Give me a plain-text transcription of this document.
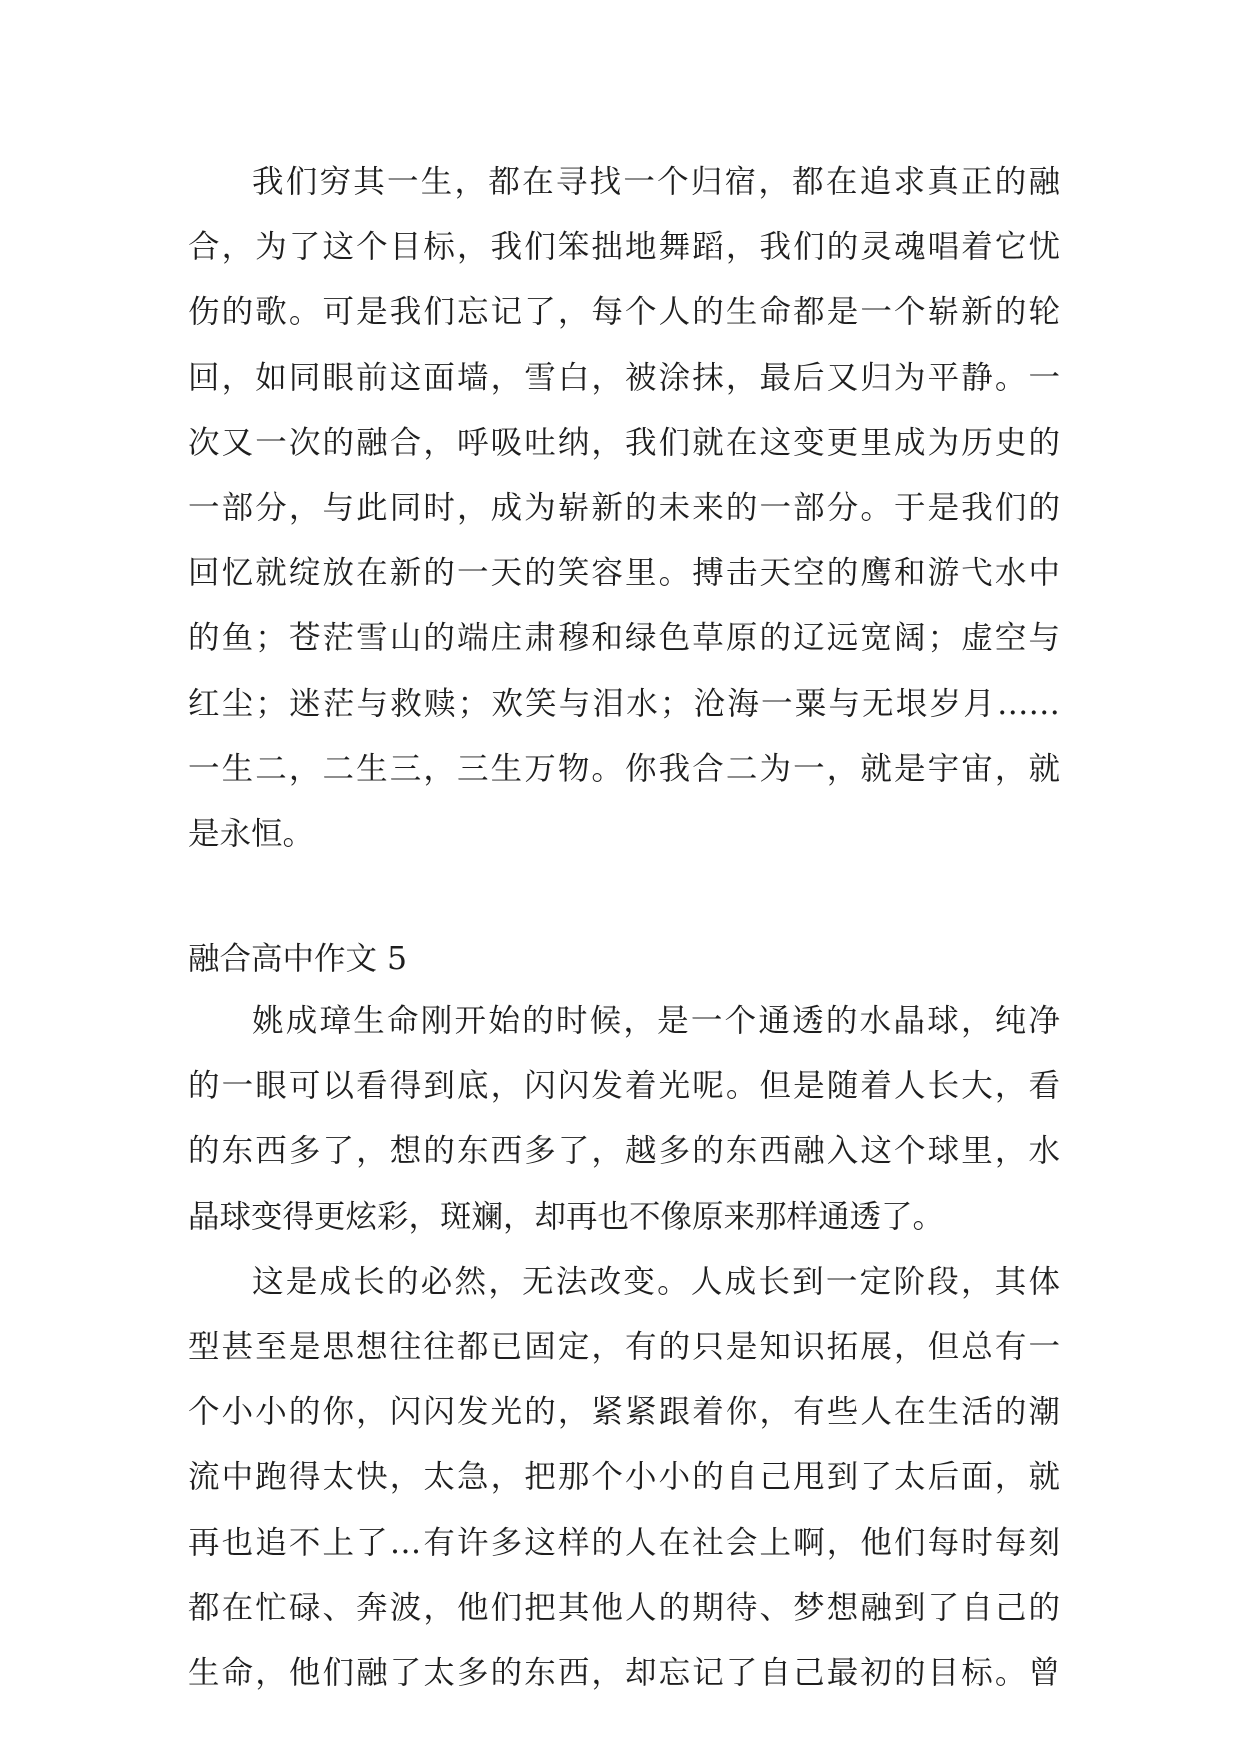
我们穷其一生，都在寻找一个归宿，都在追求真正的融
合，为了这个目标，我们笨拙地舞蹈，我们的灵魂唱着它忧
伤的歌。可是我们忘记了，每个人的生命都是一个崭新的轮
回，如同眼前这面墙，雪白，被涂抹，最后又归为平静。一
次又一次的融合，呼吸吐纳，我们就在这变更里成为历史的
一部分，与此同时，成为崭新的未来的一部分。于是我们的
回忆就绽放在新的一天的笑容里。搏击天空的鹰和游弋水中
的鱼；苍茫雪山的端庄肃穆和绿色草原的辽远宽阔；虚空与
红尘；迷茫与救赎；欢笑与泪水；沧海一粟与无垠岁月……
一生二，二生三，三生万物。你我合二为一，就是宇宙，就
是永恒。
融合高中作文 5
姚成璋生命刚开始的时候，是一个通透的水晶球，纯净
的一眼可以看得到底，闪闪发着光呢。但是随着人长大，看
的东西多了，想的东西多了，越多的东西融入这个球里，水
晶球变得更炫彩，斑斓，却再也不像原来那样通透了。
这是成长的必然，无法改变。人成长到一定阶段，其体
型甚至是思想往往都已固定，有的只是知识拓展，但总有一
个小小的你，闪闪发光的，紧紧跟着你，有些人在生活的潮
流中跑得太快，太急，把那个小小的自己甩到了太后面，就
再也追不上了…有许多这样的人在社会上啊，他们每时每刻
都在忙碌、奔波，他们把其他人的期待、梦想融到了自己的
生命，他们融了太多的东西，却忘记了自己最初的目标。曾
